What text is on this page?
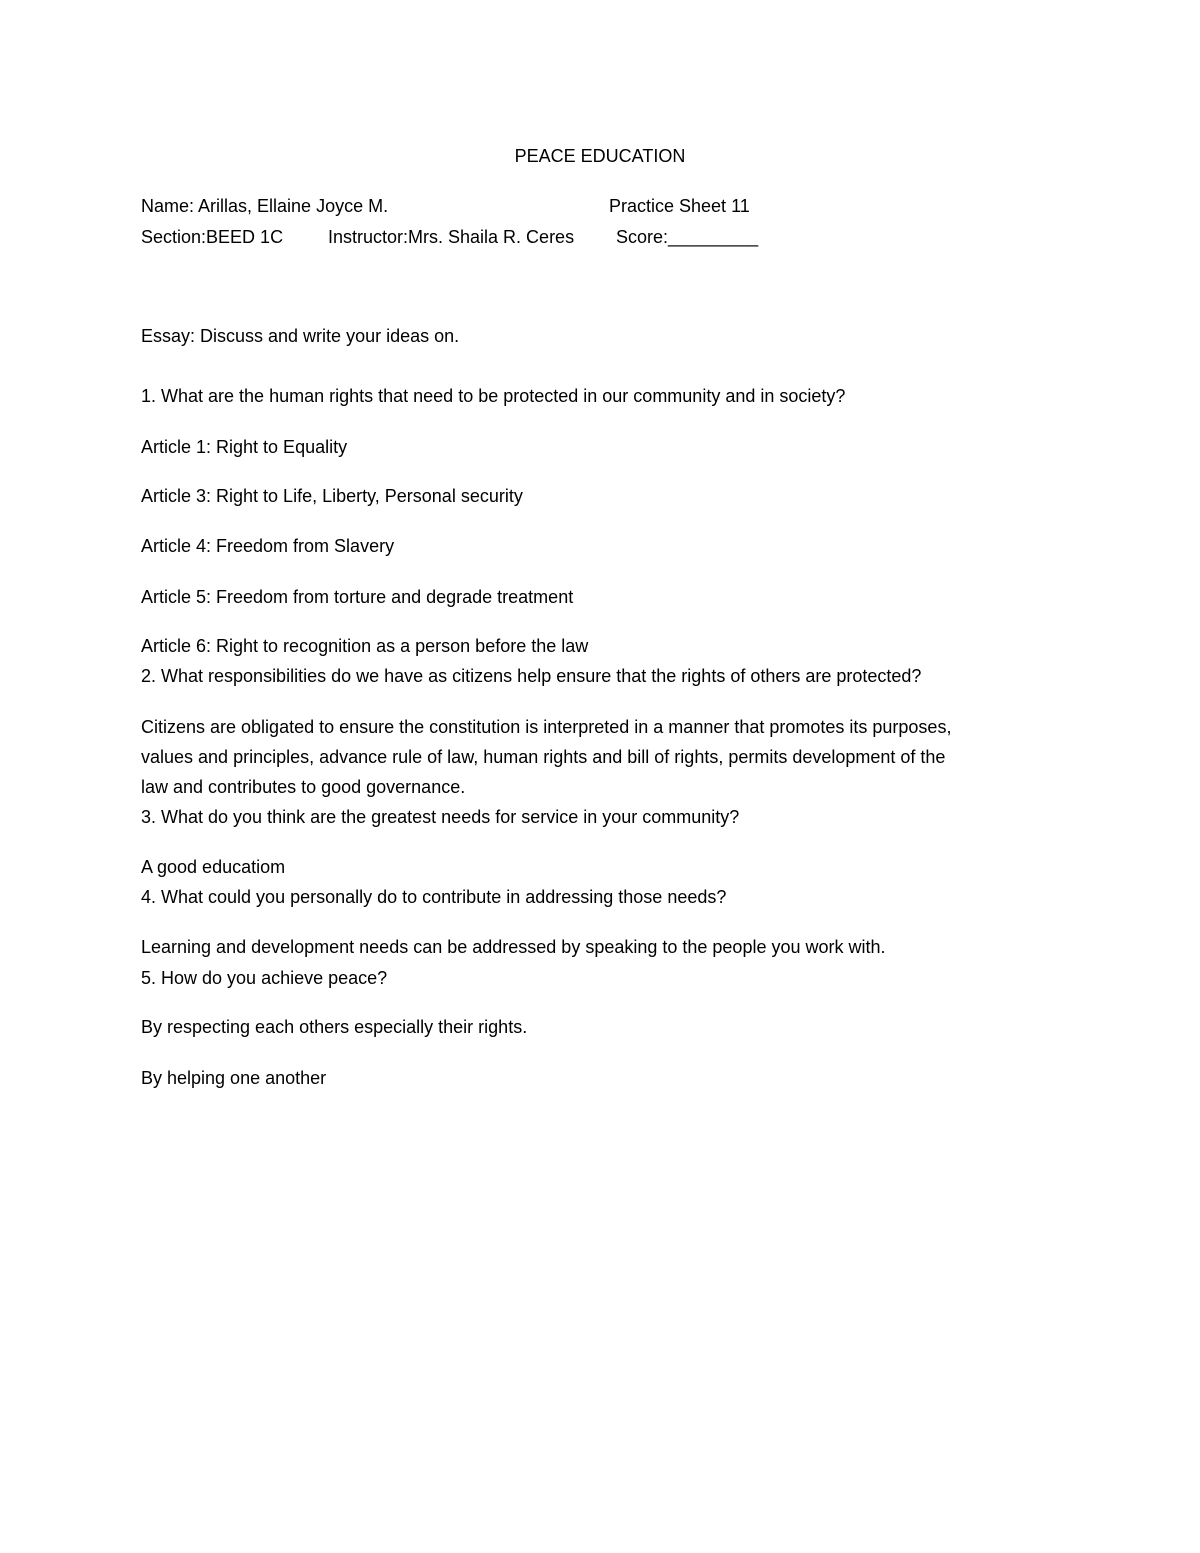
PEACE EDUCATION
Name: Arillas, Ellaine Joyce M.	Practice Sheet 11
Section:BEED 1C Instructor:Mrs. Shaila R. Ceres Score:_________
Essay: Discuss and write your ideas on.
1. What are the human rights that need to be protected in our community and in society?
Article 1: Right to Equality
Article 3: Right to Life, Liberty, Personal security
Article 4: Freedom from Slavery
Article 5: Freedom from torture and degrade treatment
Article 6: Right to recognition as a person before the law
2. What responsibilities do we have as citizens help ensure that the rights of others are protected?
Citizens are obligated to ensure the constitution is interpreted in a manner that promotes its purposes,
values and principles, advance rule of law, human rights and bill of rights, permits development of the
law and contributes to good governance.
3. What do you think are the greatest needs for service in your community?
A good educatiom
4. What could you personally do to contribute in addressing those needs?
Learning and development needs can be addressed by speaking to the people you work with.
5. How do you achieve peace?
By respecting each others especially their rights.
By helping one another
